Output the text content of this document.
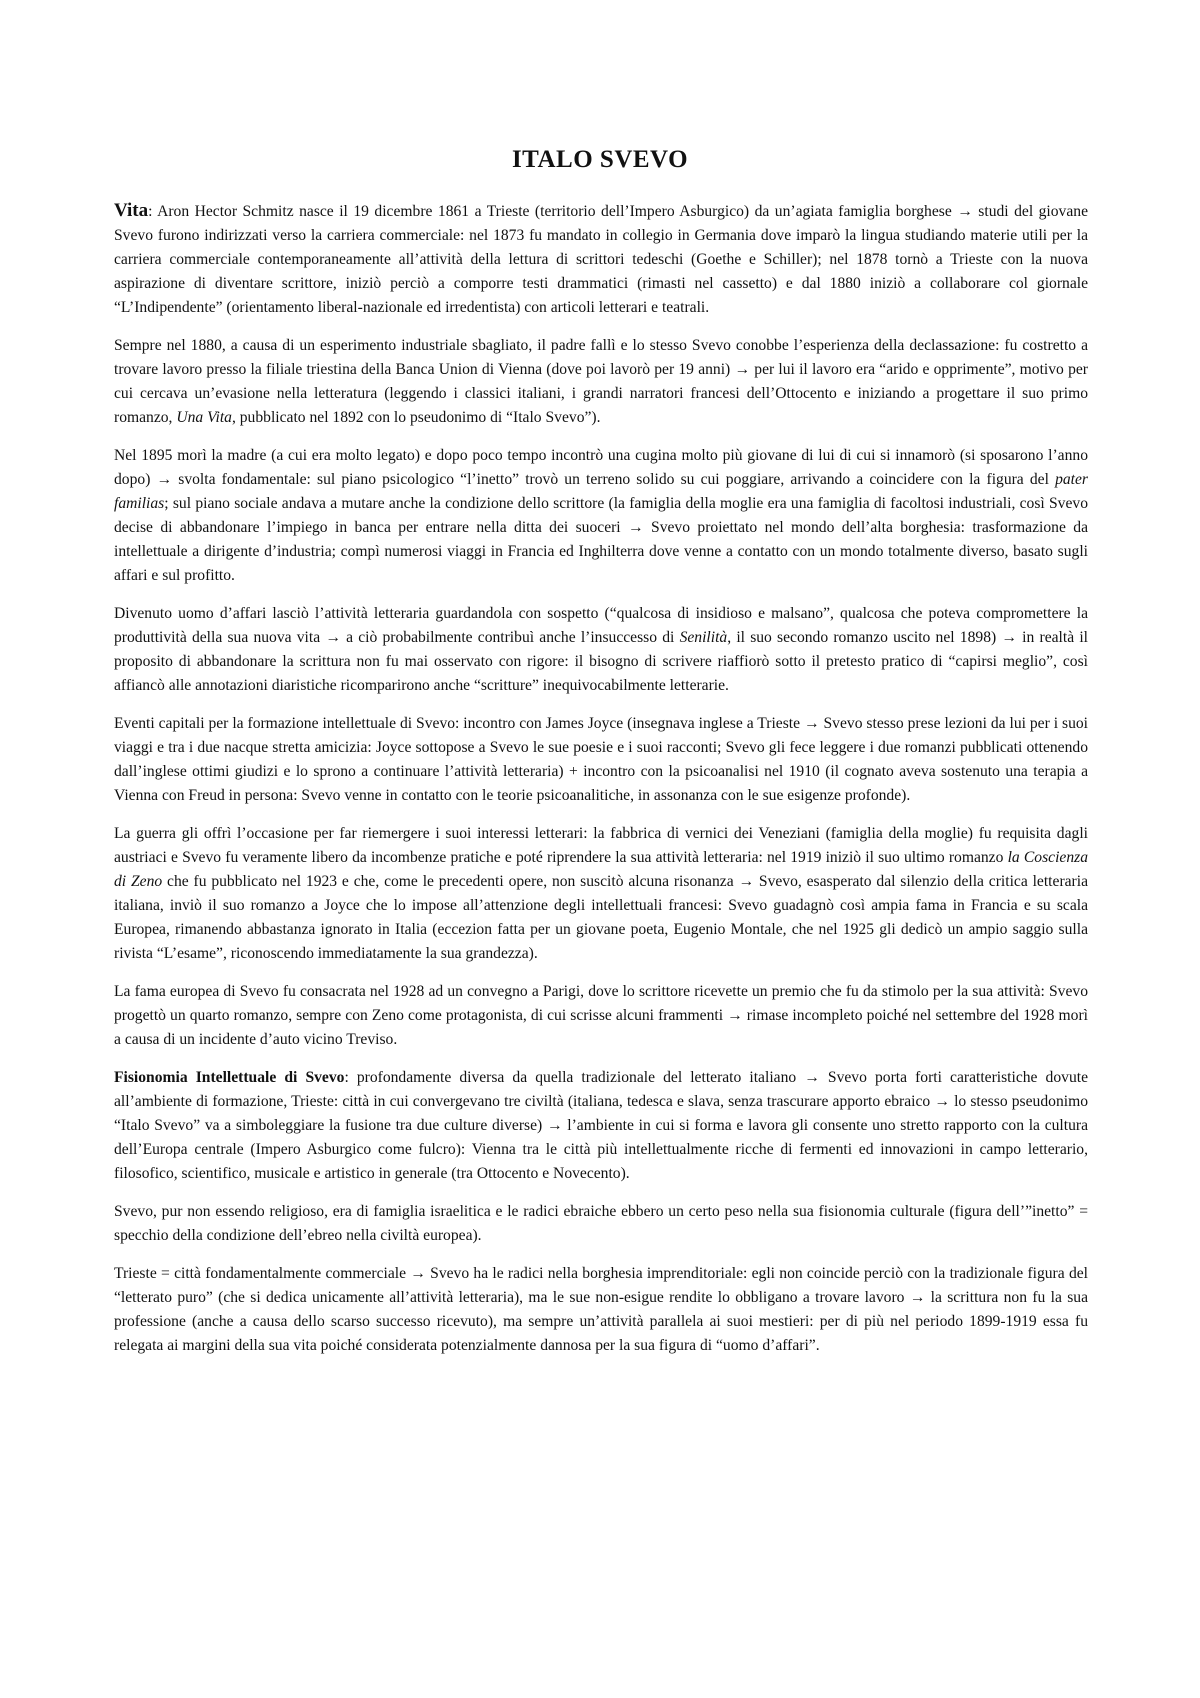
ITALO SVEVO

Vita: Aron Hector Schmitz nasce il 19 dicembre 1861 a Trieste (territorio dell’Impero Asburgico) da un’agiata famiglia borghese → studi del giovane Svevo furono indirizzati verso la carriera commerciale: nel 1873 fu mandato in collegio in Germania dove imparò la lingua studiando materie utili per la carriera commerciale contemporaneamente all’attività della lettura di scrittori tedeschi (Goethe e Schiller); nel 1878 tornò a Trieste con la nuova aspirazione di diventare scrittore, iniziò perciò a comporre testi drammatici (rimasti nel cassetto) e dal 1880 iniziò a collaborare col giornale “L’Indipendente” (orientamento liberal-nazionale ed irredentista) con articoli letterari e teatrali.

Sempre nel 1880, a causa di un esperimento industriale sbagliato, il padre fallì e lo stesso Svevo conobbe l’esperienza della declassazione: fu costretto a trovare lavoro presso la filiale triestina della Banca Union di Vienna (dove poi lavorò per 19 anni) → per lui il lavoro era “arido e opprimente”, motivo per cui cercava un’evasione nella letteratura (leggendo i classici italiani, i grandi narratori francesi dell’Ottocento e iniziando a progettare il suo primo romanzo, Una Vita, pubblicato nel 1892 con lo pseudonimo di “Italo Svevo”).

Nel 1895 morì la madre (a cui era molto legato) e dopo poco tempo incontrò una cugina molto più giovane di lui di cui si innamorò (si sposarono l’anno dopo) → svolta fondamentale: sul piano psicologico “l’inetto” trovò un terreno solido su cui poggiare, arrivando a coincidere con la figura del pater familias; sul piano sociale andava a mutare anche la condizione dello scrittore (la famiglia della moglie era una famiglia di facoltosi industriali, così Svevo decise di abbandonare l’impiego in banca per entrare nella ditta dei suoceri → Svevo proiettato nel mondo dell’alta borghesia: trasformazione da intellettuale a dirigente d’industria; compì numerosi viaggi in Francia ed Inghilterra dove venne a contatto con un mondo totalmente diverso, basato sugli affari e sul profitto.

Divenuto uomo d’affari lasciò l’attività letteraria guardandola con sospetto (“qualcosa di insidioso e malsano”, qualcosa che poteva compromettere la produttività della sua nuova vita → a ciò probabilmente contribuì anche l’insuccesso di Senilità, il suo secondo romanzo uscito nel 1898) → in realtà il proposito di abbandonare la scrittura non fu mai osservato con rigore: il bisogno di scrivere riaffiorò sotto il pretesto pratico di “capirsi meglio”, così affiancò alle annotazioni diaristiche ricomparirono anche “scritture” inequivocabilmente letterarie.

Eventi capitali per la formazione intellettuale di Svevo: incontro con James Joyce (insegnava inglese a Trieste → Svevo stesso prese lezioni da lui per i suoi viaggi e tra i due nacque stretta amicizia: Joyce sottopose a Svevo le sue poesie e i suoi racconti; Svevo gli fece leggere i due romanzi pubblicati ottenendo dall’inglese ottimi giudizi e lo sprono a continuare l’attività letteraria) + incontro con la psicoanalisi nel 1910 (il cognato aveva sostenuto una terapia a Vienna con Freud in persona: Svevo venne in contatto con le teorie psicoanalitiche, in assonanza con le sue esigenze profonde).

La guerra gli offrì l’occasione per far riemergere i suoi interessi letterari: la fabbrica di vernici dei Veneziani (famiglia della moglie) fu requisita dagli austriaci e Svevo fu veramente libero da incombenze pratiche e poté riprendere la sua attività letteraria: nel 1919 iniziò il suo ultimo romanzo la Coscienza di Zeno che fu pubblicato nel 1923 e che, come le precedenti opere, non suscitò alcuna risonanza → Svevo, esasperato dal silenzio della critica letteraria italiana, inviò il suo romanzo a Joyce che lo impose all’attenzione degli intellettuali francesi: Svevo guadagnò così ampia fama in Francia e su scala Europea, rimanendo abbastanza ignorato in Italia (eccezion fatta per un giovane poeta, Eugenio Montale, che nel 1925 gli dedicò un ampio saggio sulla rivista “L’esame”, riconoscendo immediatamente la sua grandezza).

La fama europea di Svevo fu consacrata nel 1928 ad un convegno a Parigi, dove lo scrittore ricevette un premio che fu da stimolo per la sua attività: Svevo progettò un quarto romanzo, sempre con Zeno come protagonista, di cui scrisse alcuni frammenti → rimase incompleto poiché nel settembre del 1928 morì a causa di un incidente d’auto vicino Treviso.

Fisionomia Intellettuale di Svevo: profondamente diversa da quella tradizionale del letterato italiano → Svevo porta forti caratteristiche dovute all’ambiente di formazione, Trieste: città in cui convergevano tre civiltà (italiana, tedesca e slava, senza trascurare apporto ebraico → lo stesso pseudonimo “Italo Svevo” va a simboleggiare la fusione tra due culture diverse) → l’ambiente in cui si forma e lavora gli consente uno stretto rapporto con la cultura dell’Europa centrale (Impero Asburgico come fulcro): Vienna tra le città più intellettualmente ricche di fermenti ed innovazioni in campo letterario, filosofico, scientifico, musicale e artistico in generale (tra Ottocento e Novecento).

Svevo, pur non essendo religioso, era di famiglia israelitica e le radici ebraiche ebbero un certo peso nella sua fisionomia culturale (figura dell’”inetto” = specchio della condizione dell’ebreo nella civiltà europea).

Trieste = città fondamentalmente commerciale → Svevo ha le radici nella borghesia imprenditoriale: egli non coincide perciò con la tradizionale figura del “letterato puro” (che si dedica unicamente all’attività letteraria), ma le sue non-esigue rendite lo obbligano a trovare lavoro → la scrittura non fu la sua professione (anche a causa dello scarso successo ricevuto), ma sempre un’attività parallela ai suoi mestieri: per di più nel periodo 1899-1919 essa fu relegata ai margini della sua vita poiché considerata potenzialmente dannosa per la sua figura di “uomo d’affari”.
